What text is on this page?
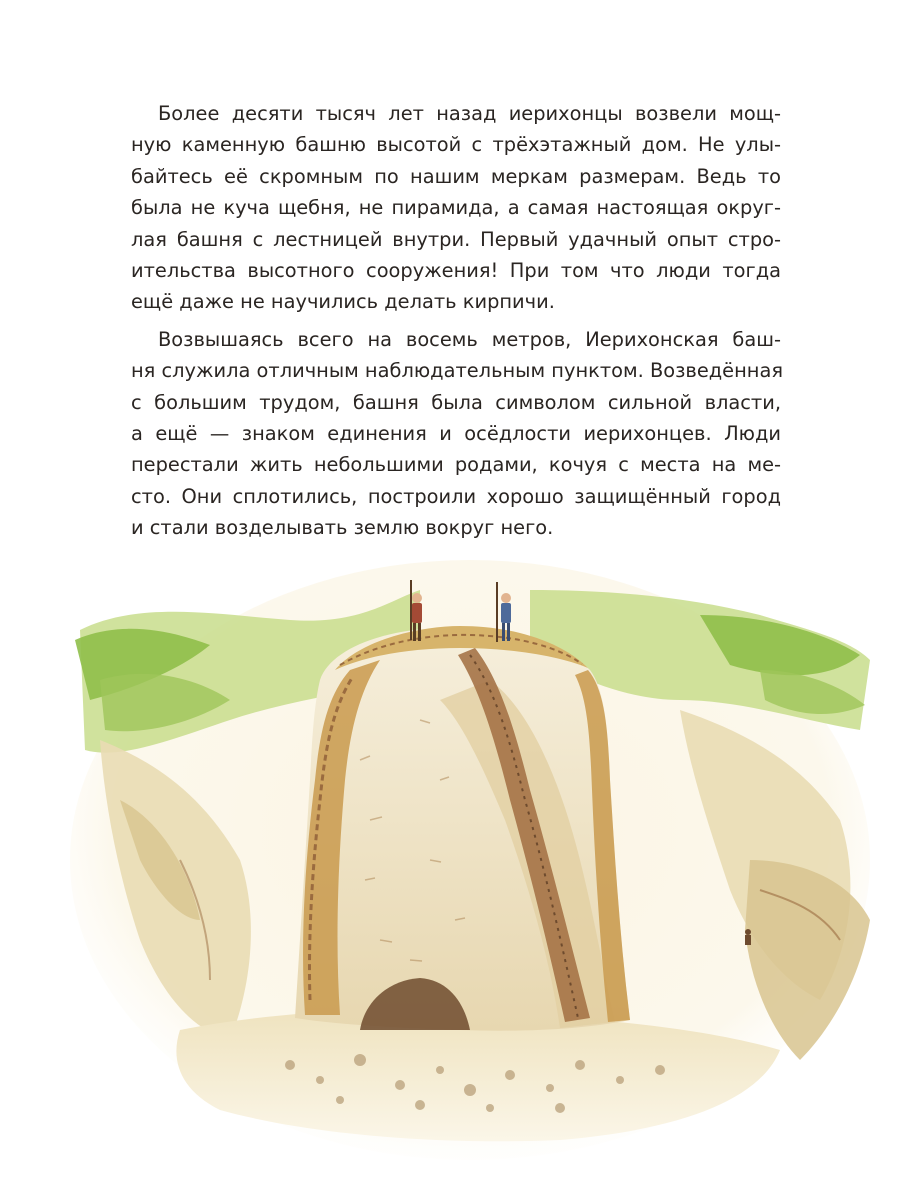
Более десяти тысяч лет назад иерихонцы возвели мощ-
ную каменную башню высотой с трёхэтажный дом. Не улы-
байтесь её скромным по нашим меркам размерам. Ведь то
была не куча щебня, не пирамида, а самая настоящая округ-
лая башня с лестницей внутри. Первый удачный опыт стро-
ительства высотного сооружения! При том что люди тогда
ещё даже не научились делать кирпичи.

Возвышаясь всего на восемь метров, Иерихонская баш-
ня служила отличным наблюдательным пунктом. Возведённая
с большим трудом, башня была символом сильной власти,
а ещё — знаком единения и осёдлости иерихонцев. Люди
перестали жить небольшими родами, кочуя с места на ме-
сто. Они сплотились, построили хорошо защищённый город
и стали возделывать землю вокруг него.
